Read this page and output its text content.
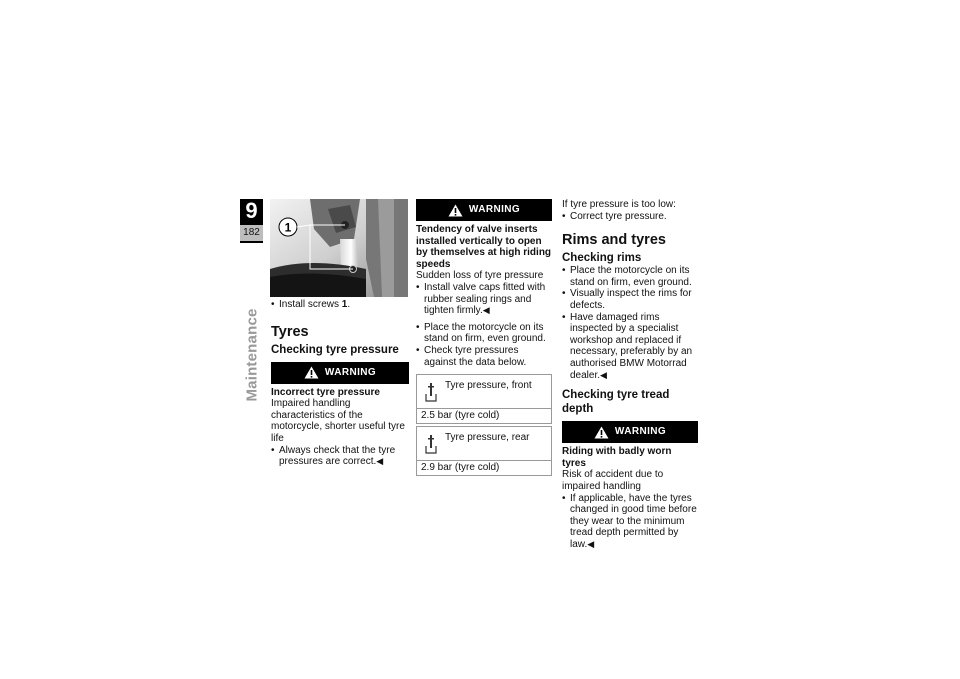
9
182
Maintenance
1
• Install screws 1.
Tyres
Checking tyre pressure
WARNING

Incorrect tyre pressure

Impaired handling characteristics of the motorcycle, shorter useful tyre life

• Always check that the tyre pressures are correct.◀
WARNING

Tendency of valve inserts installed vertically to open by themselves at high riding speeds

Sudden loss of tyre pressure

• Install valve caps fitted with rubber sealing rings and tighten firmly.◀
• Place the motorcycle on its stand on firm, even ground.
• Check tyre pressures against the data below.
Tyre pressure, front
2.5 bar (tyre cold)
Tyre pressure, rear
2.9 bar (tyre cold)

If tyre pressure is too low:

• Correct tyre pressure.
Rims and tyres
Checking rims
• Place the motorcycle on its stand on firm, even ground.
• Visually inspect the rims for defects.
• Have damaged rims inspected by a specialist workshop and replaced if necessary, preferably by an authorised BMW Motorrad dealer.◀
Checking tyre tread depth
WARNING

Riding with badly worn tyres

Risk of accident due to impaired handling

• If applicable, have the tyres changed in good time before they wear to the minimum tread depth permitted by law.◀
